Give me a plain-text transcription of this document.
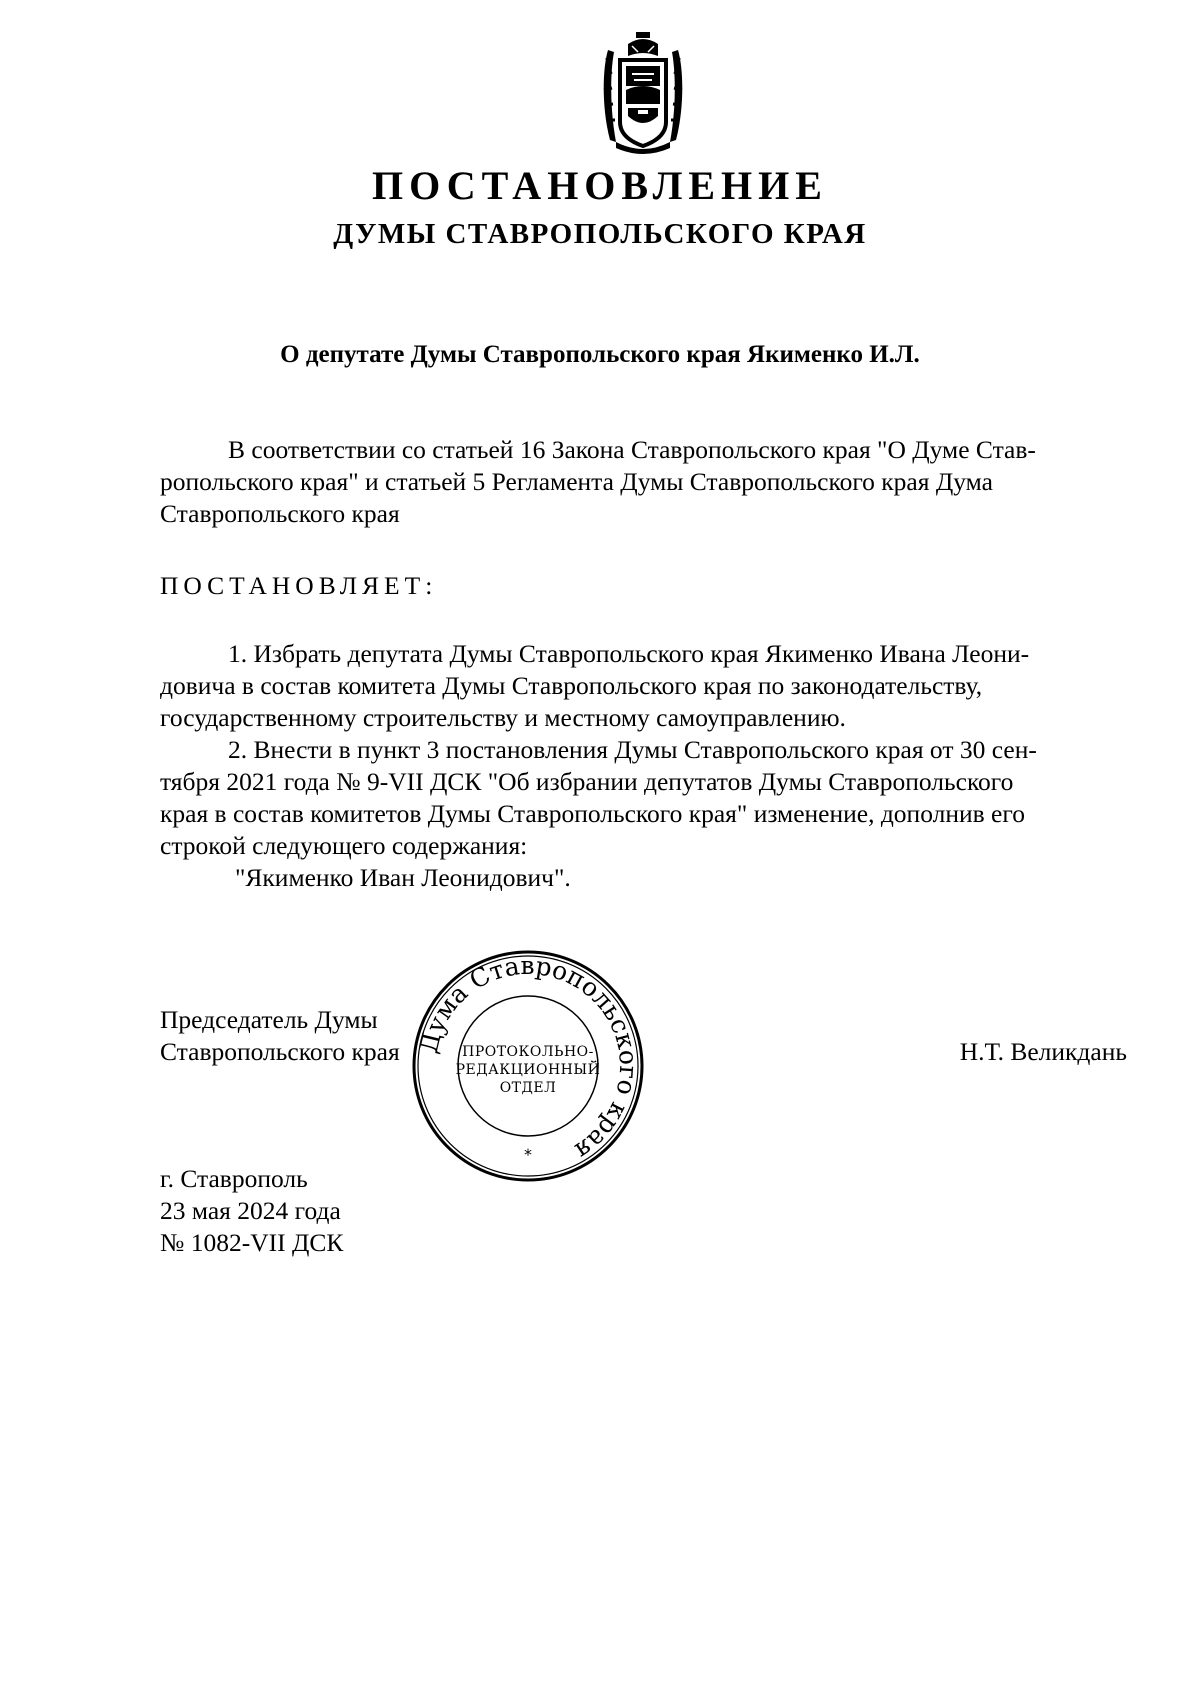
ПОСТАНОВЛЕНИЕ
ДУМЫ СТАВРОПОЛЬСКОГО КРАЯ
О депутате Думы Ставропольского края Якименко И.Л.
В соответствии со статьей 16 Закона Ставропольского края "О Думе Став-
ропольского края" и статьей 5 Регламента Думы Ставропольского края Дума
Ставропольского края
ПОСТАНОВЛЯЕТ:
1. Избрать депутата Думы Ставропольского края Якименко Ивана Леони-
довича в состав комитета Думы Ставропольского края по законодательству,
государственному строительству и местному самоуправлению.
2. Внести в пункт 3 постановления Думы Ставропольского края от 30 сен-
тября 2021 года № 9-VII ДСК "Об избрании депутатов Думы Ставропольского
края в состав комитетов Думы Ставропольского края" изменение, дополнив его
строкой следующего содержания:
"Якименко Иван Леонидович".
Председатель Думы
Ставропольского края	Н.Т. Великдань
Дума Ставропольского края
ПРОТОКОЛЬНО-
РЕДАКЦИОННЫЙ
ОТДЕЛ
*
г. Ставрополь
23 мая 2024 года
№ 1082-VII ДСК
